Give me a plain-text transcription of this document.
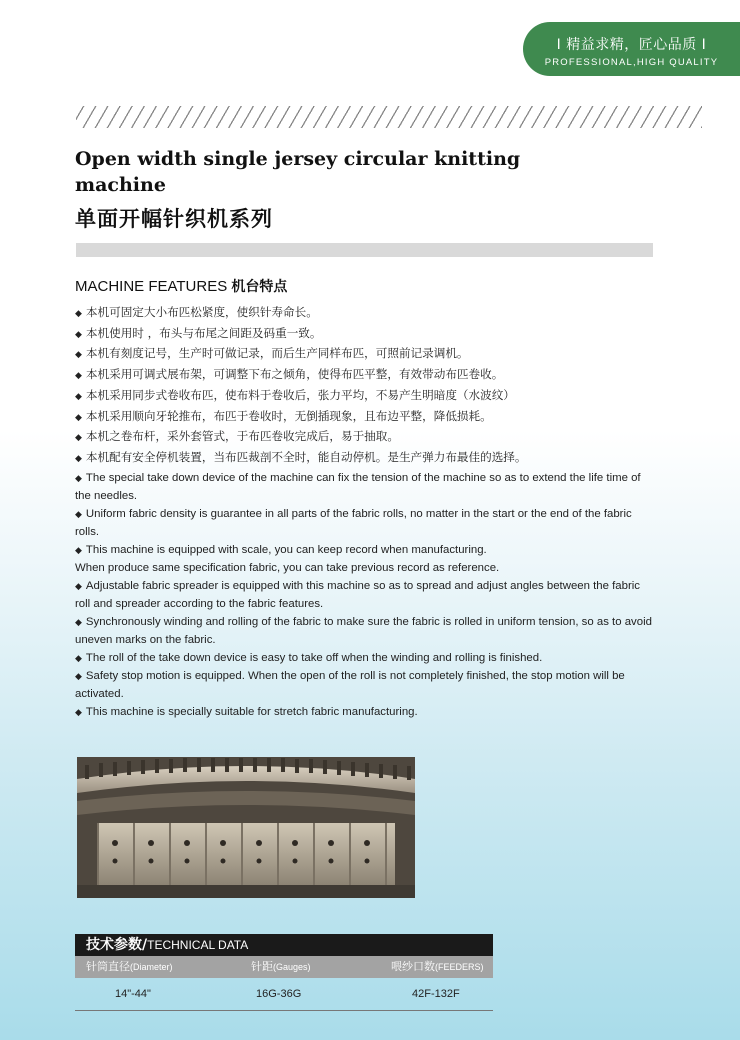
I 精益求精，匠心品质 I
PROFESSIONAL,HIGH QUALITY
Open width single jersey circular knitting machine
单面开幅针织机系列
MACHINE FEATURES 机台特点
◆ 本机可固定大小布匹松紧度，使织针寿命长。
◆ 本机使用时 ，布头与布尾之间距及码重一致。
◆ 本机有刻度记号，生产时可做记录，而后生产同样布匹，可照前记录调机。
◆ 本机采用可调式展布架，可调整下布之倾角，使得布匹平整，有效带动布匹卷收。
◆ 本机采用同步式卷收布匹，使布料于卷收后，张力平均，不易产生明暗度（水波纹）
◆ 本机采用顺向牙轮推布，布匹于卷收时，无倒插现象，且布边平整，降低损耗。
◆ 本机之卷布杆，采外套管式，于布匹卷收完成后，易于抽取。
◆ 本机配有安全停机装置，当布匹裁剖不全时，能自动停机。是生产弹力布最佳的选择。
◆ The special take down device of the machine can fix the tension of the machine so as to extend the life time of the needles.
◆ Uniform fabric density is guarantee in all parts of the fabric rolls, no matter in the start or the end of the fabric rolls.
◆ This machine is equipped with scale, you can keep record when manufacturing.
When produce same specification fabric, you can take previous record as reference.
◆ Adjustable fabric spreader is equipped with this machine so as to spread and adjust angles between the fabric roll and spreader according to the fabric features.
◆ Synchronously winding and rolling of the fabric to make sure the fabric is rolled in uniform tension, so as to avoid uneven marks on the fabric.
◆ The roll of the take down device is easy to take off when the winding and rolling is finished.
◆ Safety stop motion is equipped. When the open of the roll is not completely finished, the stop motion will be activated.
◆ This machine is specially suitable for stretch fabric manufacturing.
技术参数/TECHNICAL DATA
针筒直径(Diameter)	针距(Gauges)	喂纱口数(FEEDERS)
14"-44"	16G-36G	42F-132F
